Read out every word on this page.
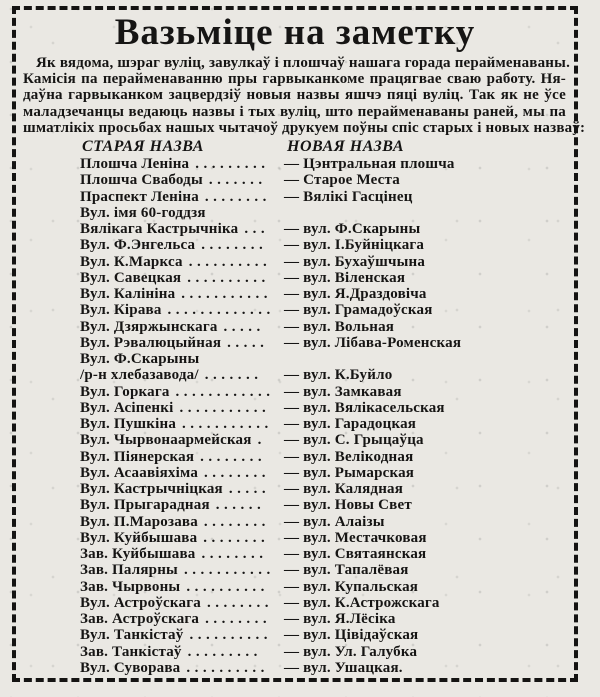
Вазьміце на заметку
Як вядома, шэраг вуліц, завулкаў і плошчаў нашага горада перайменаваны.
Камісія па перайменаванню пры гарвыканкоме працягвае сваю работу. Ня-
даўна гарвыканком зацвердзіў новыя назвы яшчэ пяці вуліц. Так як не ўсе
маладзечанцы ведаюць назвы і тых вуліц, што перайменаваны раней, мы па
шматлікіх просьбах нашых чытачоў друкуем поўны спіс старых і новых назваў:
СТАРАЯ НАЗВА	НОВАЯ НАЗВА
Плошча Леніна ......... — Цэнтральная плошча
Плошча Свабоды .......	— Старое Места
Праспект Леніна ........ — Вялікі Гасцінец
Вул. імя 60-годдзя
Вялікага Кастрычніка ... — вул. Ф.Скарыны
Вул. Ф.Энгельса ........	— вул. І.Буйніцкага
Вул. К.Маркса .......... — вул. Бухаўшчына
Вул. Савецкая .......... — вул. Віленская
Вул. Калініна ........... — вул. Я.Драздовіча
Вул. Кірава ............. — вул. Грамадоўская
Вул. Дзяржынскага .....	— вул. Вольная
Вул. Рэвалюцыйная .....	— вул. Лібава-Роменская
Вул. Ф.Скарыны
/р-н хлебазавода/ .......	— вул. К.Буйло
Вул. Горкага ............ — вул. Замкавая
Вул. Асіпенкі ........... — вул. Вялікасельская
Вул. Пушкіна ........... — вул. Гарадоцкая
Вул. Чырвонаармейская .	— вул. С. Грыцаўца
Вул. Піянерская ........	— вул. Велікодная
Вул. Асаавіяхіма ........ — вул. Рымарская
Вул. Кастрычніцкая ..... — вул. Калядная
Вул. Прыгарадная ......	— вул. Новы Свет
Вул. П.Марозава ........ — вул. Алаізы
Вул. Куйбышава ........ — вул. Местачковая
Зав. Куйбышава ........	— вул. Святаянская
Зав. Палярны ........... — вул. Тапалёвая
Зав. Чырвоны ..........	— вул. Купальская
Вул. Астроўскага ........ — вул. К.Астрожскага
Зав. Астроўскага ........ — вул. Я.Лёсіка
Вул. Танкістаў .......... — вул. Цівідаўская
Зав. Танкістаў .........	— вул. Ул. Галубка
Вул. Суворава ..........	— вул. Ушацкая.
